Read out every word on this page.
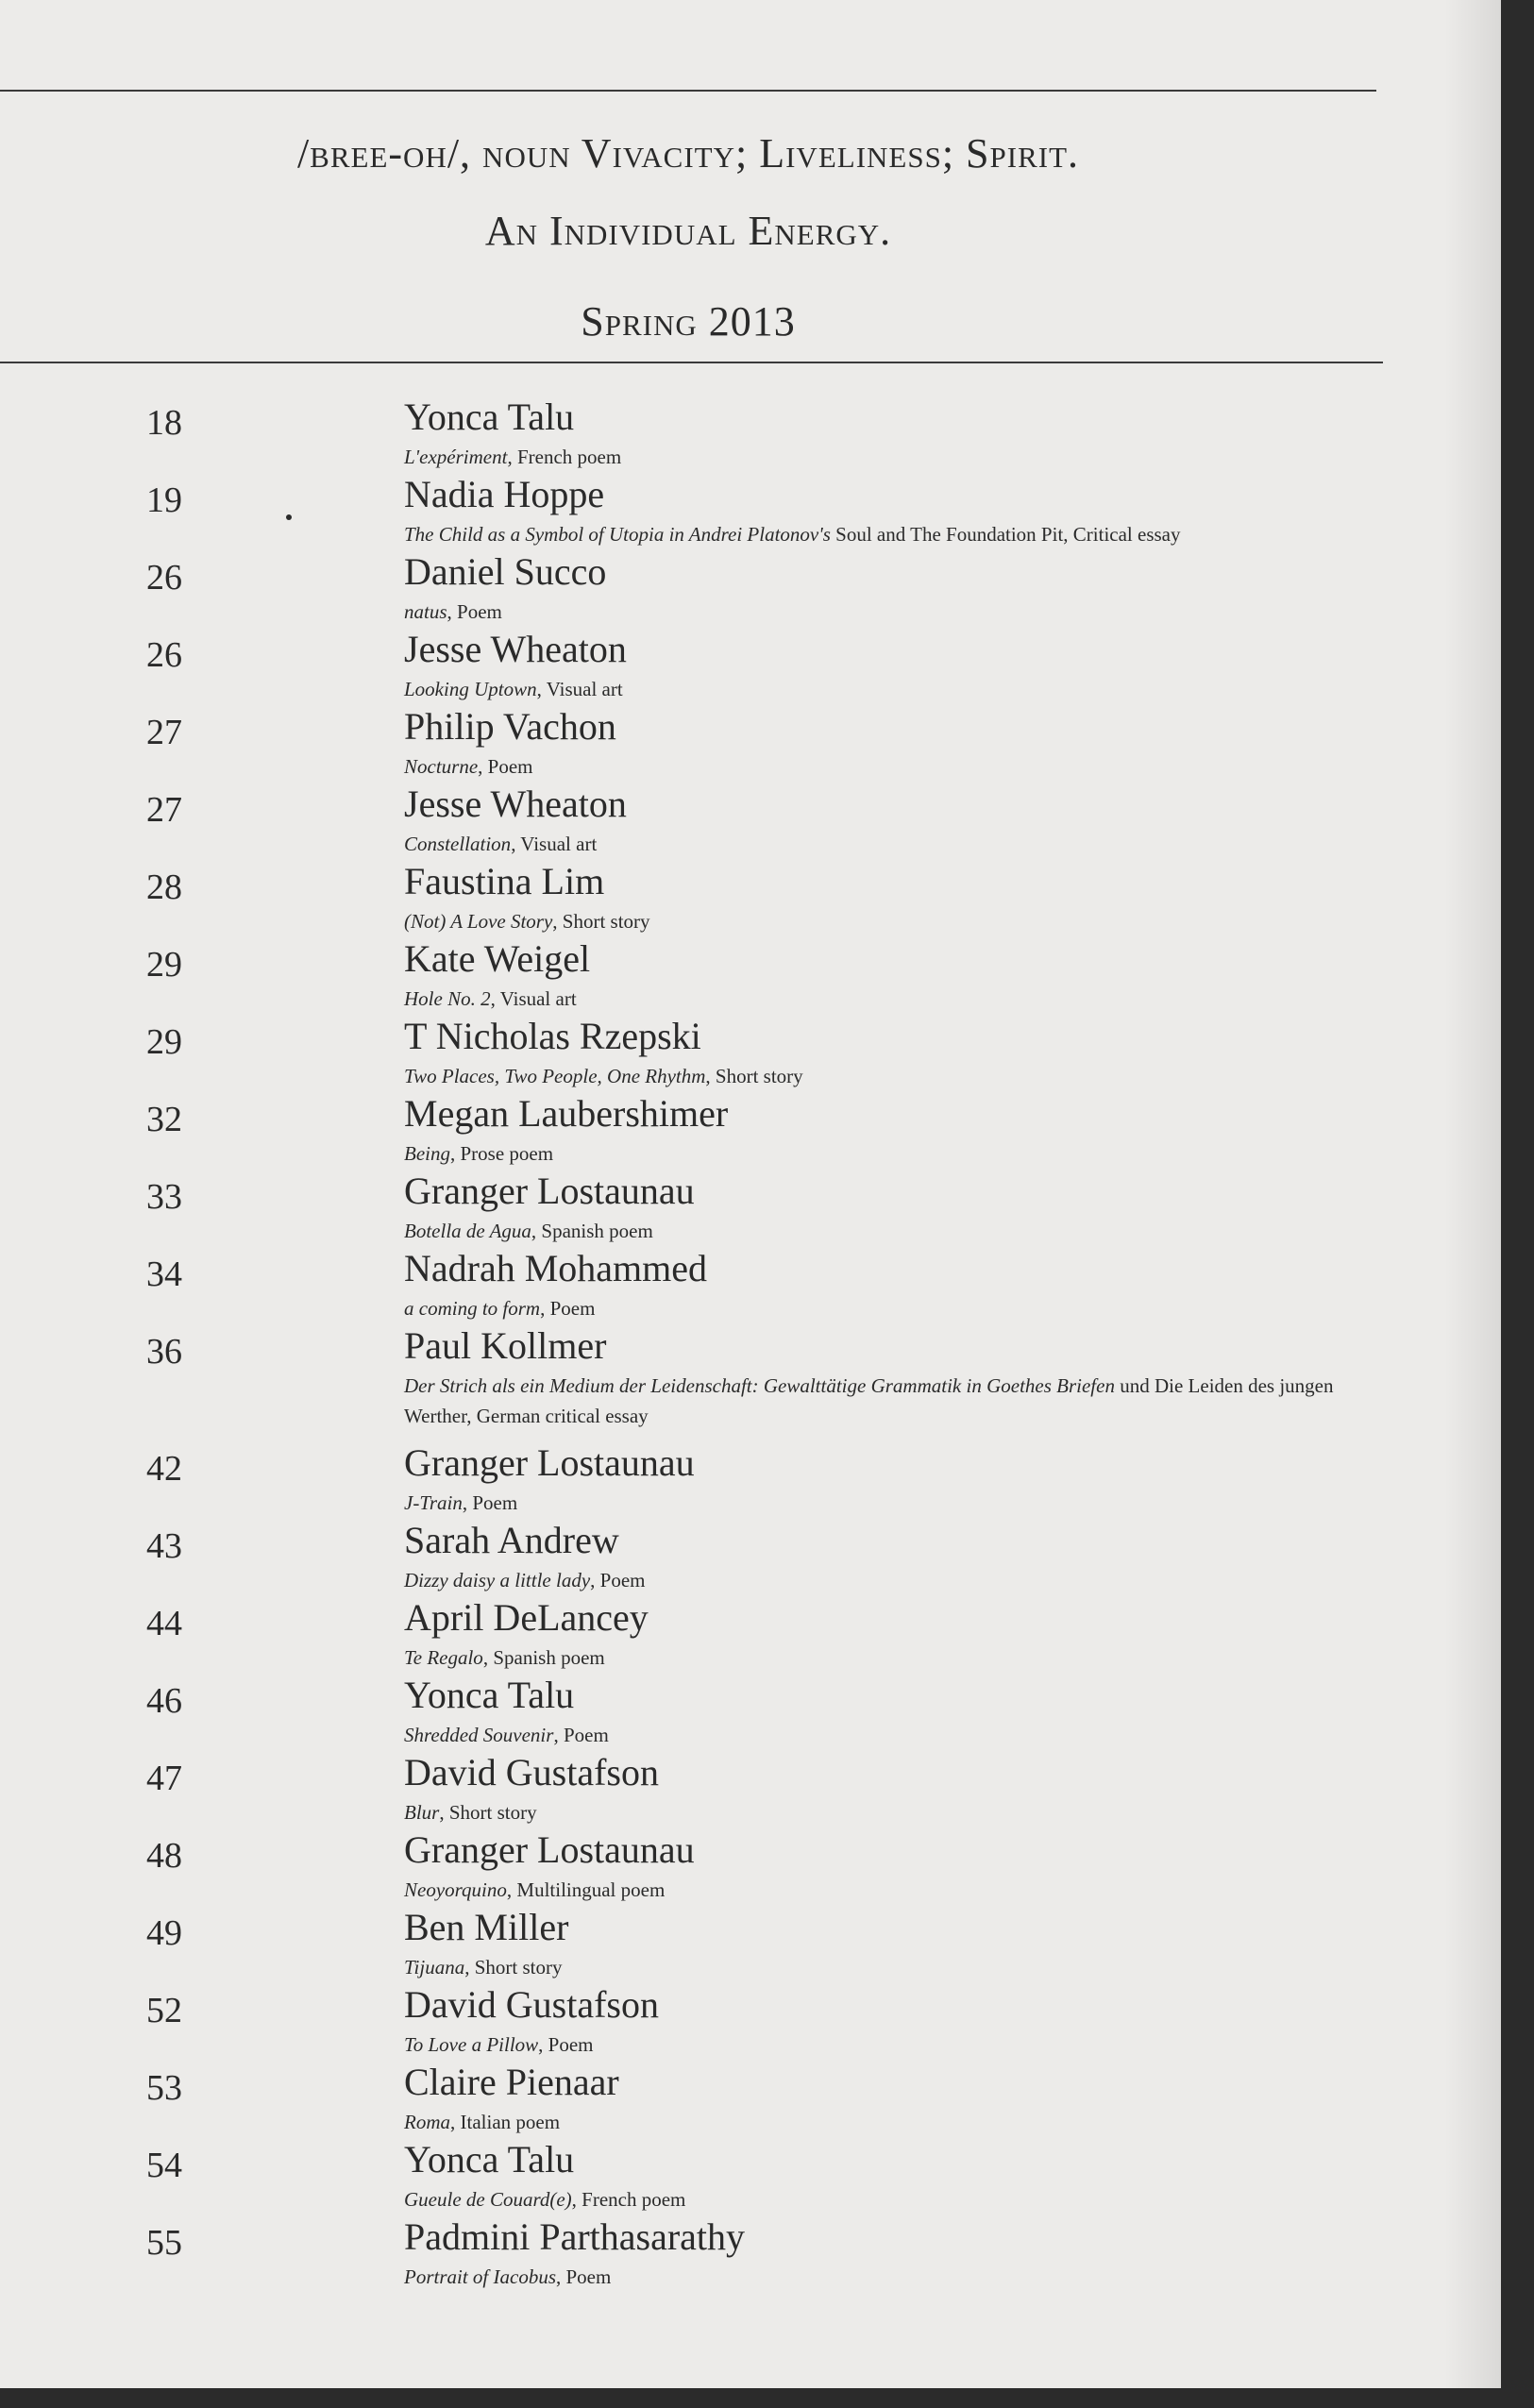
/bree-oh/, noun Vivacity; Liveliness; Spirit.
An Individual Energy.
Spring 2013
18	Yonca Talu
L'expériment, French poem
19	Nadia Hoppe
The Child as a Symbol of Utopia in Andrei Platonov's Soul and The Foundation Pit, Critical essay
26	Daniel Succo
natus, Poem
26	Jesse Wheaton
Looking Uptown, Visual art
27	Philip Vachon
Nocturne, Poem
27	Jesse Wheaton
Constellation, Visual art
28	Faustina Lim
(Not) A Love Story, Short story
29	Kate Weigel
Hole No. 2, Visual art
29	T Nicholas Rzepski
Two Places, Two People, One Rhythm, Short story
32	Megan Laubershimer
Being, Prose poem
33	Granger Lostaunau
Botella de Agua, Spanish poem
34	Nadrah Mohammed
a coming to form, Poem
36	Paul Kollmer
Der Strich als ein Medium der Leidenschaft: Gewalttätige Grammatik in Goethes Briefen und Die Leiden des jungen Werther, German critical essay
42	Granger Lostaunau
J-Train, Poem
43	Sarah Andrew
Dizzy daisy a little lady, Poem
44	April DeLancey
Te Regalo, Spanish poem
46	Yonca Talu
Shredded Souvenir, Poem
47	David Gustafson
Blur, Short story
48	Granger Lostaunau
Neoyorquino, Multilingual poem
49	Ben Miller
Tijuana, Short story
52	David Gustafson
To Love a Pillow, Poem
53	Claire Pienaar
Roma, Italian poem
54	Yonca Talu
Gueule de Couard(e), French poem
55	Padmini Parthasarathy
Portrait of Iacobus, Poem
